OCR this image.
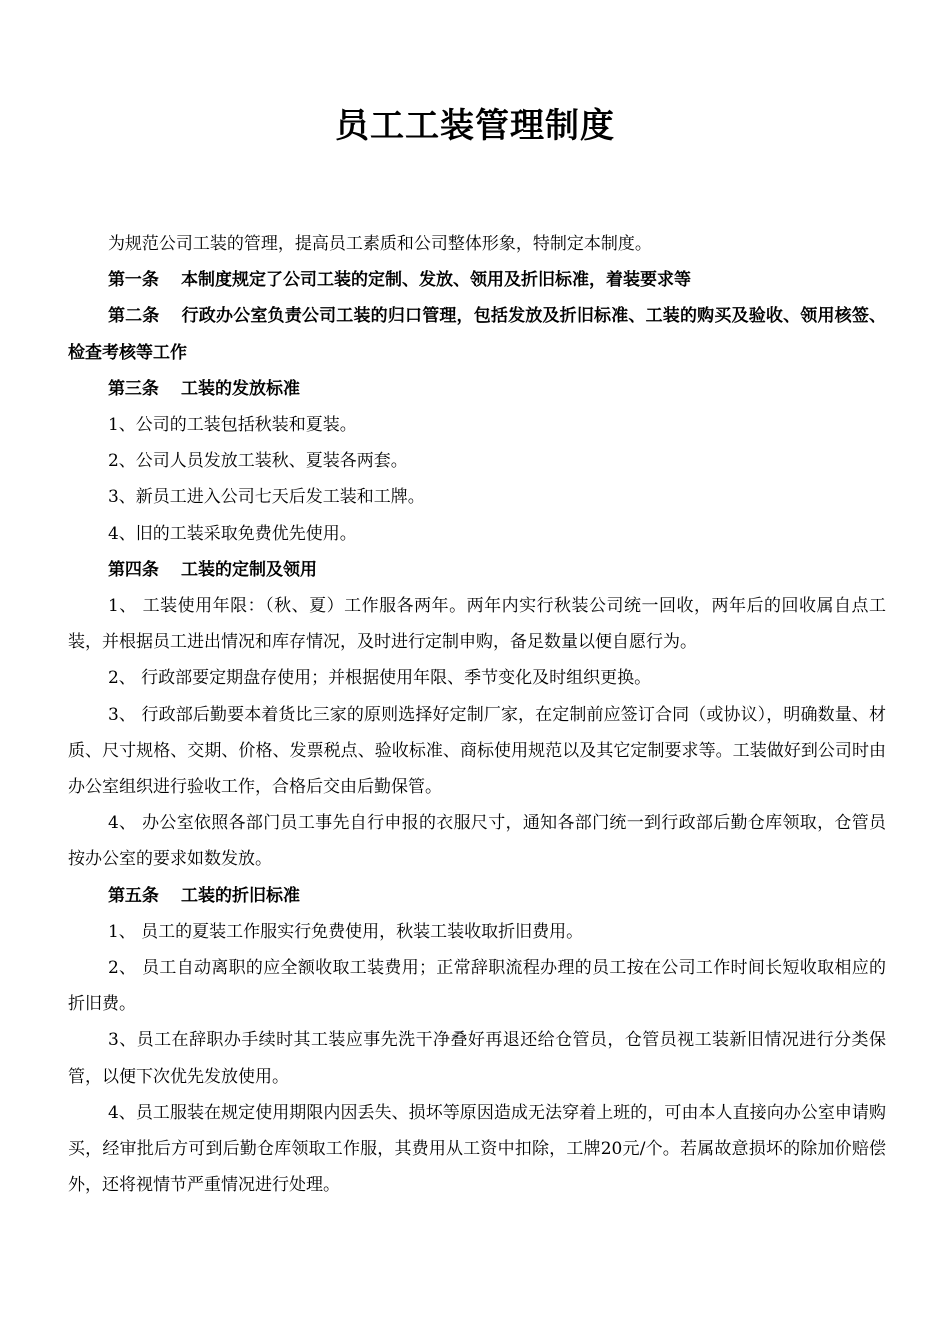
员工工装管理制度

为规范公司工装的管理，提高员工素质和公司整体形象，特制定本制度。

第一条 本制度规定了公司工装的定制、发放、领用及折旧标准，着装要求等

第二条 行政办公室负责公司工装的归口管理，包括发放及折旧标准、工装的购买及验收、领用核签、检查考核等工作

第三条 工装的发放标准

1、公司的工装包括秋装和夏装。

2、公司人员发放工装秋、夏装各两套。

3、新员工进入公司七天后发工装和工牌。

4、旧的工装采取免费优先使用。

第四条 工装的定制及领用

1、 工装使用年限：（秋、夏）工作服各两年。两年内实行秋装公司统一回收，两年后的回收属自点工装，并根据员工进出情况和库存情况，及时进行定制申购，备足数量以便自愿行为。

2、 行政部要定期盘存使用；并根据使用年限、季节变化及时组织更换。

3、 行政部后勤要本着货比三家的原则选择好定制厂家，在定制前应签订合同（或协议），明确数量、材质、尺寸规格、交期、价格、发票税点、验收标准、商标使用规范以及其它定制要求等。工装做好到公司时由办公室组织进行验收工作，合格后交由后勤保管。

4、 办公室依照各部门员工事先自行申报的衣服尺寸，通知各部门统一到行政部后勤仓库领取，仓管员按办公室的要求如数发放。

第五条 工装的折旧标准

1、 员工的夏装工作服实行免费使用，秋装工装收取折旧费用。

2、 员工自动离职的应全额收取工装费用；正常辞职流程办理的员工按在公司工作时间长短收取相应的折旧费。

3、员工在辞职办手续时其工装应事先洗干净叠好再退还给仓管员，仓管员视工装新旧情况进行分类保管，以便下次优先发放使用。

4、员工服装在规定使用期限内因丢失、损坏等原因造成无法穿着上班的，可由本人直接向办公室申请购买，经审批后方可到后勤仓库领取工作服，其费用从工资中扣除，工牌20元/个。若属故意损坏的除加价赔偿外，还将视情节严重情况进行处理。
